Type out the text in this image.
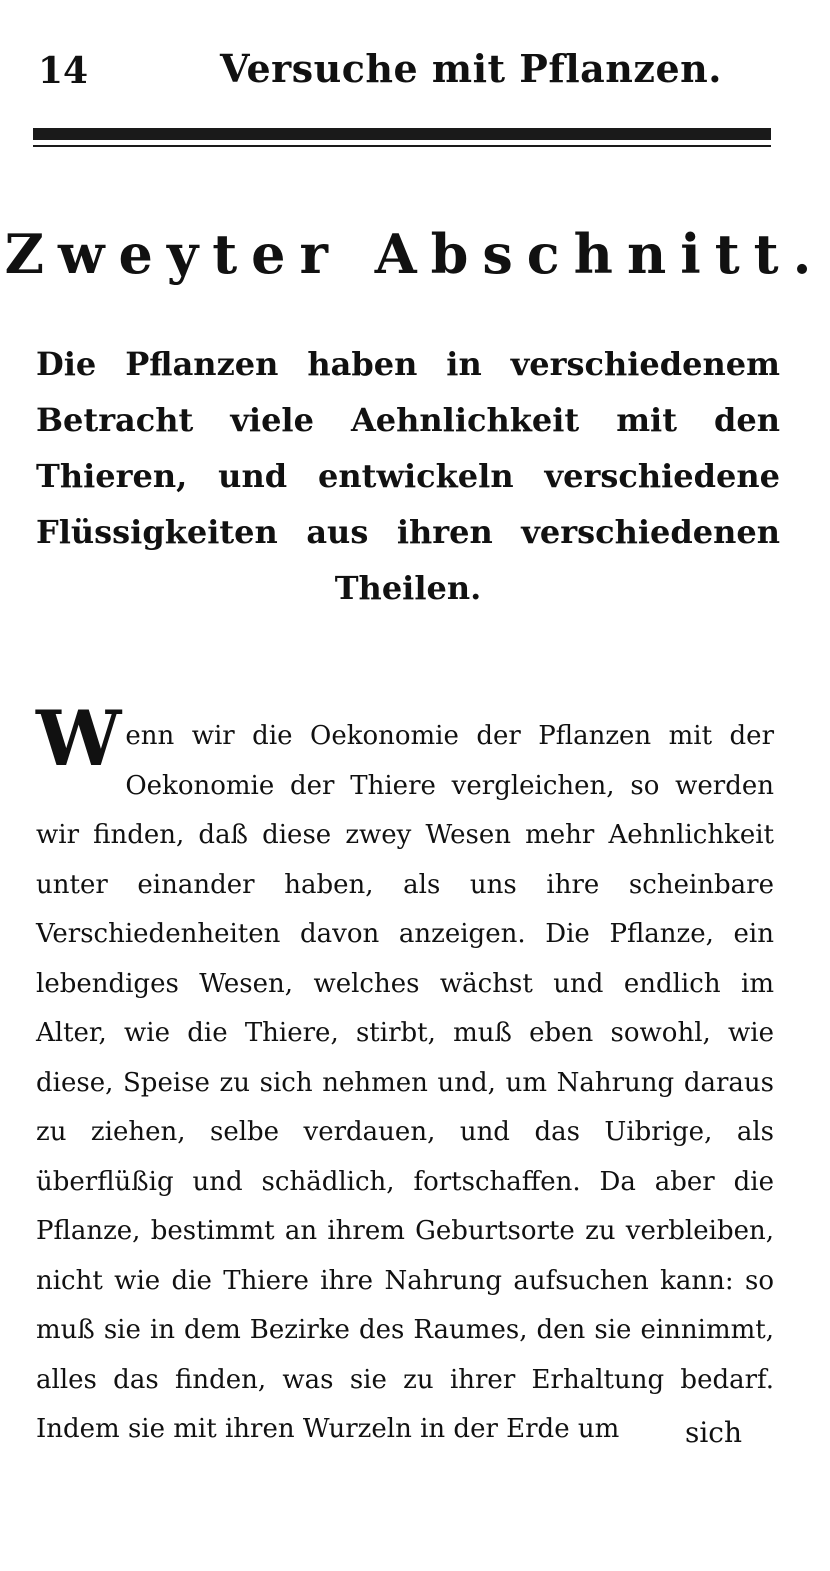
14	Versuche mit Pflanzen.
Zweyter Abschnitt.
Die Pflanzen haben in verschiedenem Betracht viele Aehnlichkeit mit den Thieren, und entwickeln verschiedene Flüssigkeiten aus ihren verschiedenen Theilen.
Wenn wir die Oekonomie der Pflanzen mit der Oekonomie der Thiere vergleichen, so werden wir finden, daß diese zwey Wesen mehr Aehnlichkeit unter einander haben, als uns ihre scheinbare Verschiedenheiten davon anzeigen. Die Pflanze, ein lebendiges Wesen, welches wächst und endlich im Alter, wie die Thiere, stirbt, muß eben sowohl, wie diese, Speise zu sich nehmen und, um Nahrung daraus zu ziehen, selbe verdauen, und das Uibrige, als überflüßig und schädlich, fortschaffen. Da aber die Pflanze, bestimmt an ihrem Geburtsorte zu verbleiben, nicht wie die Thiere ihre Nahrung aufsuchen kann: so muß sie in dem Bezirke des Raumes, den sie einnimmt, alles das finden, was sie zu ihrer Erhaltung bedarf. Indem sie mit ihren Wurzeln in der Erde um	sich
